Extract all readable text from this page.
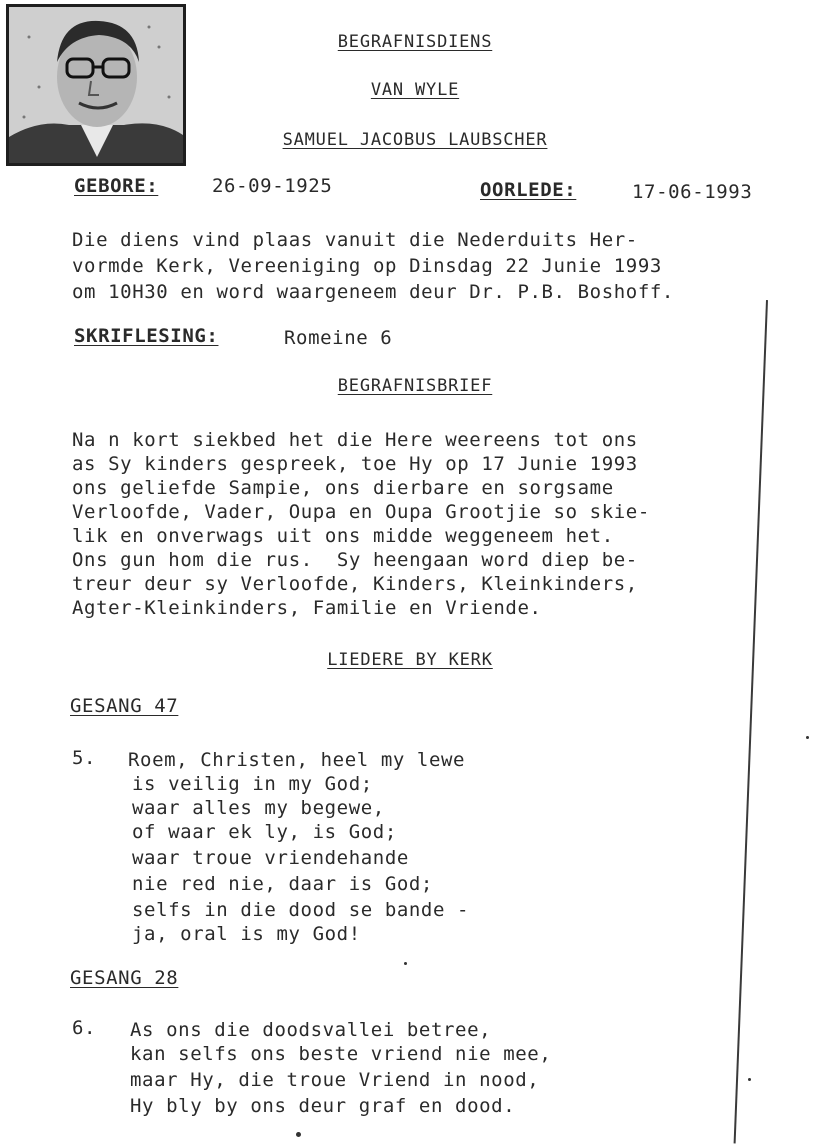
BEGRAFNISDIENS
VAN WYLE
SAMUEL JACOBUS LAUBSCHER
GEBORE:	26-09-1925	OORLEDE:	17-06-1993
Die diens vind plaas vanuit die Nederduits Her-
vormde Kerk, Vereeniging op Dinsdag 22 Junie 1993
om 10H30 en word waargeneem deur Dr. P.B. Boshoff.
SKRIFLESING:	Romeine 6
BEGRAFNISBRIEF
Na n kort siekbed het die Here weereens tot ons
as Sy kinders gespreek, toe Hy op 17 Junie 1993
ons geliefde Sampie, ons dierbare en sorgsame
Verloofde, Vader, Oupa en Oupa Grootjie so skie-
lik en onverwags uit ons midde weggeneem het.
Ons gun hom die rus.  Sy heengaan word diep be-
treur deur sy Verloofde, Kinders, Kleinkinders,
Agter-Kleinkinders, Familie en Vriende.
LIEDERE BY KERK
GESANG 47
5. Roem, Christen, heel my lewe
is veilig in my God;
waar alles my begewe,
of waar ek ly, is God;
waar troue vriendehande
nie red nie, daar is God;
selfs in die dood se bande -
ja, oral is my God!
GESANG 28
6. As ons die doodsvallei betree,
kan selfs ons beste vriend nie mee,
maar Hy, die troue Vriend in nood,
Hy bly by ons deur graf en dood.
